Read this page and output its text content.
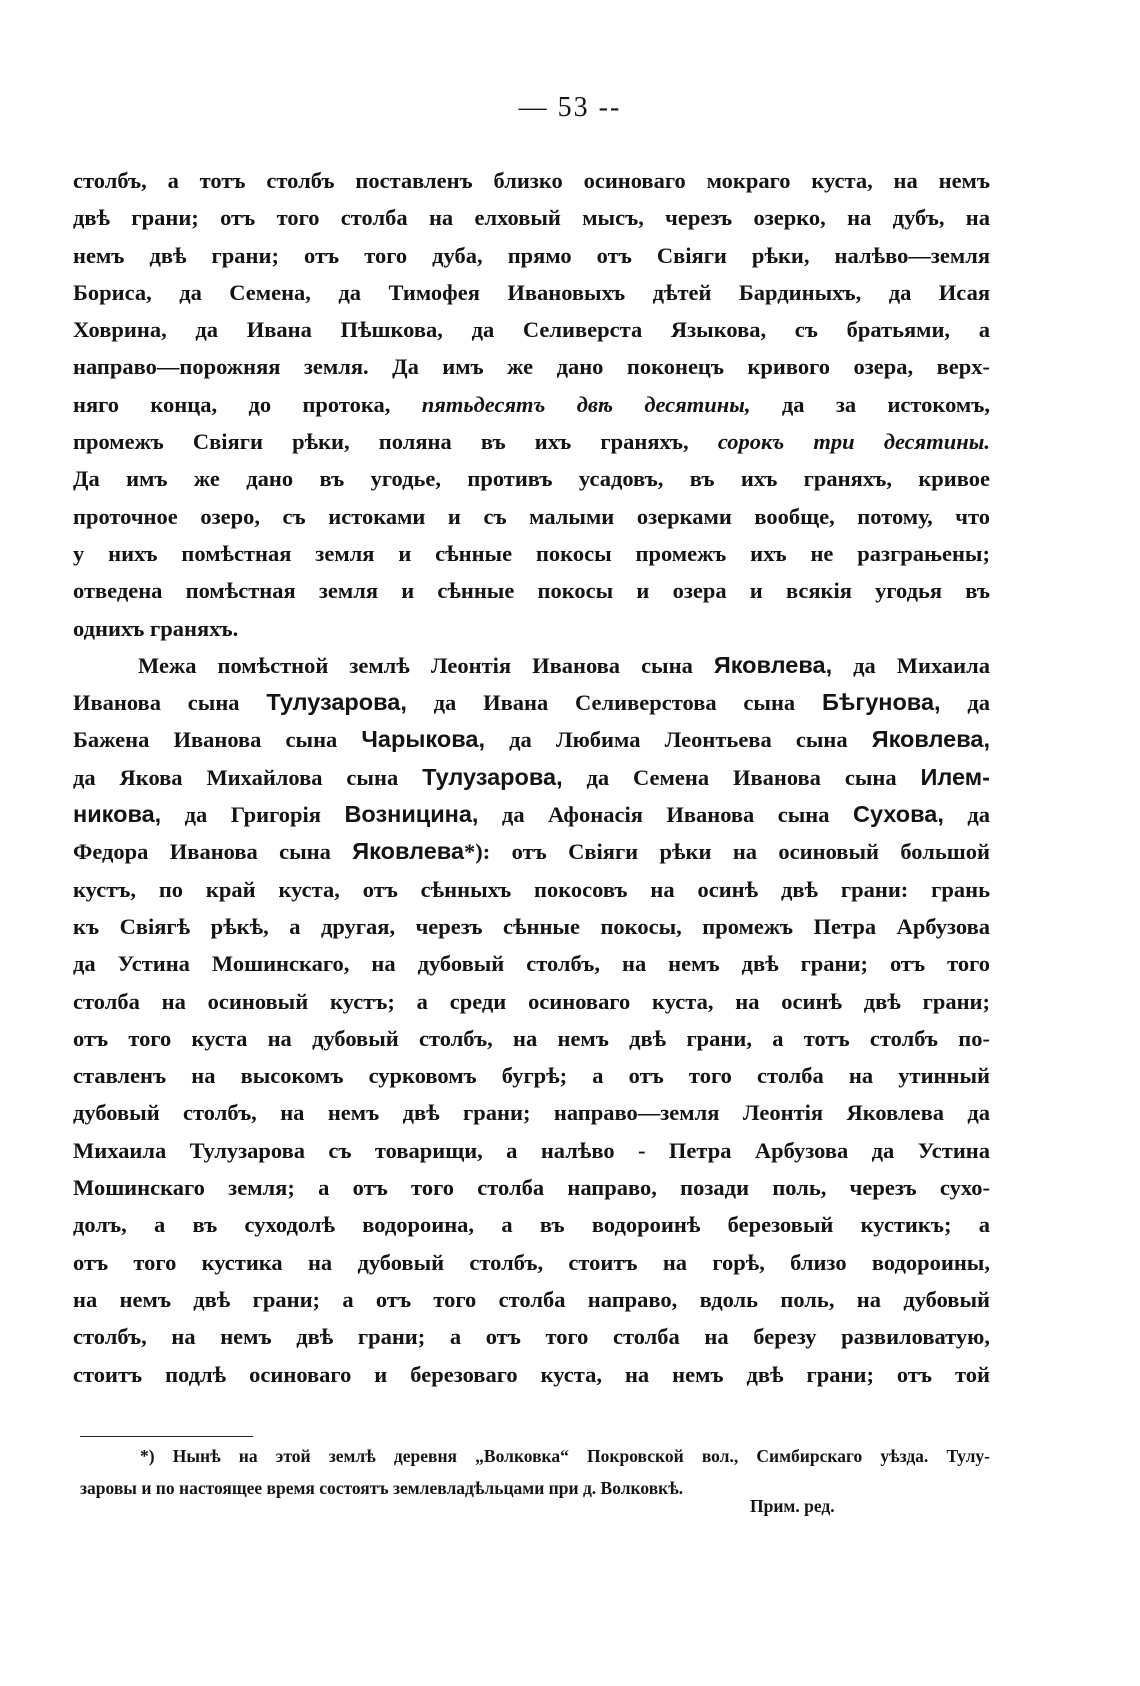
— 53 --
столбъ, а тотъ столбъ поставленъ близко осиноваго мокраго куста, на немъ
двѣ грани; отъ того столба на елховый мысъ, черезъ озерко, на дубъ, на
немъ двѣ грани; отъ того дуба, прямо отъ Свіяги рѣки, налѣво—земля
Бориса, да Семена, да Тимофея Ивановыхъ дѣтей Бардиныхъ, да Исая
Ховрина, да Ивана Пѣшкова, да Селиверста Языкова, съ братьями, а
направо—порожняя земля. Да имъ же дано поконецъ кривого озера, верх-
няго конца, до протока, пятьдесятъ двѣ десятины, да за истокомъ,
промежъ Свіяги рѣки, поляна въ ихъ граняхъ, сорокъ три десятины.
Да имъ же дано въ угодье, противъ усадовъ, въ ихъ граняхъ, кривое
проточное озеро, съ истоками и съ малыми озерками вообще, потому, что
у нихъ помѣстная земля и сѣнные покосы промежъ ихъ не разграњены;
отведена помѣстная земля и сѣнные покосы и озера и всякія угодья въ
однихъ граняхъ.
Межа помѣстной землѣ Леонтія Иванова сына Яковлева, да Михаила
Иванова сына Тулузарова, да Ивана Селиверстова сына Бѣгунова, да
Бажена Иванова сына Чарыкова, да Любима Леонтьева сына Яковлева,
да Якова Михайлова сына Тулузарова, да Семена Иванова сына Илем-
никова, да Григорія Возницина, да Афонасія Иванова сына Сухова, да
Федора Иванова сына Яковлева*): отъ Свіяги рѣки на осиновый большой
кустъ, по край куста, отъ сѣнныхъ покосовъ на осинѣ двѣ грани: грань
къ Свіягѣ рѣкѣ, а другая, черезъ сѣнные покосы, промежъ Петра Арбузова
да Устина Мошинскаго, на дубовый столбъ, на немъ двѣ грани; отъ того
столба на осиновый кустъ; а среди осиноваго куста, на осинѣ двѣ грани;
отъ того куста на дубовый столбъ, на немъ двѣ грани, а тотъ столбъ по-
ставленъ на высокомъ сурковомъ бугрѣ; а отъ того столба на утинный
дубовый столбъ, на немъ двѣ грани; направо—земля Леонтія Яковлева да
Михаила Тулузарова съ товарищи, а налѣво - Петра Арбузова да Устина
Мошинскаго земля; а отъ того столба направо, позади поль, черезъ сухо-
долъ, а въ суходолѣ водороина, а въ водороинѣ березовый кустикъ; а
отъ того кустика на дубовый столбъ, стоитъ на горѣ, близо водороины,
на немъ двѣ грани; а отъ того столба направо, вдоль поль, на дубовый
столбъ, на немъ двѣ грани; а отъ того столба на березу развиловатую,
стоитъ подлѣ осиноваго и березоваго куста, на немъ двѣ грани; отъ той
*) Нынѣ на этой землѣ деревня „Волковка“ Покровской вол., Симбирскаго уѣзда. Тулу-
заровы и по настоящее время состоятъ землевладѣльцами при д. Волковкѣ.
Прим. ред.
